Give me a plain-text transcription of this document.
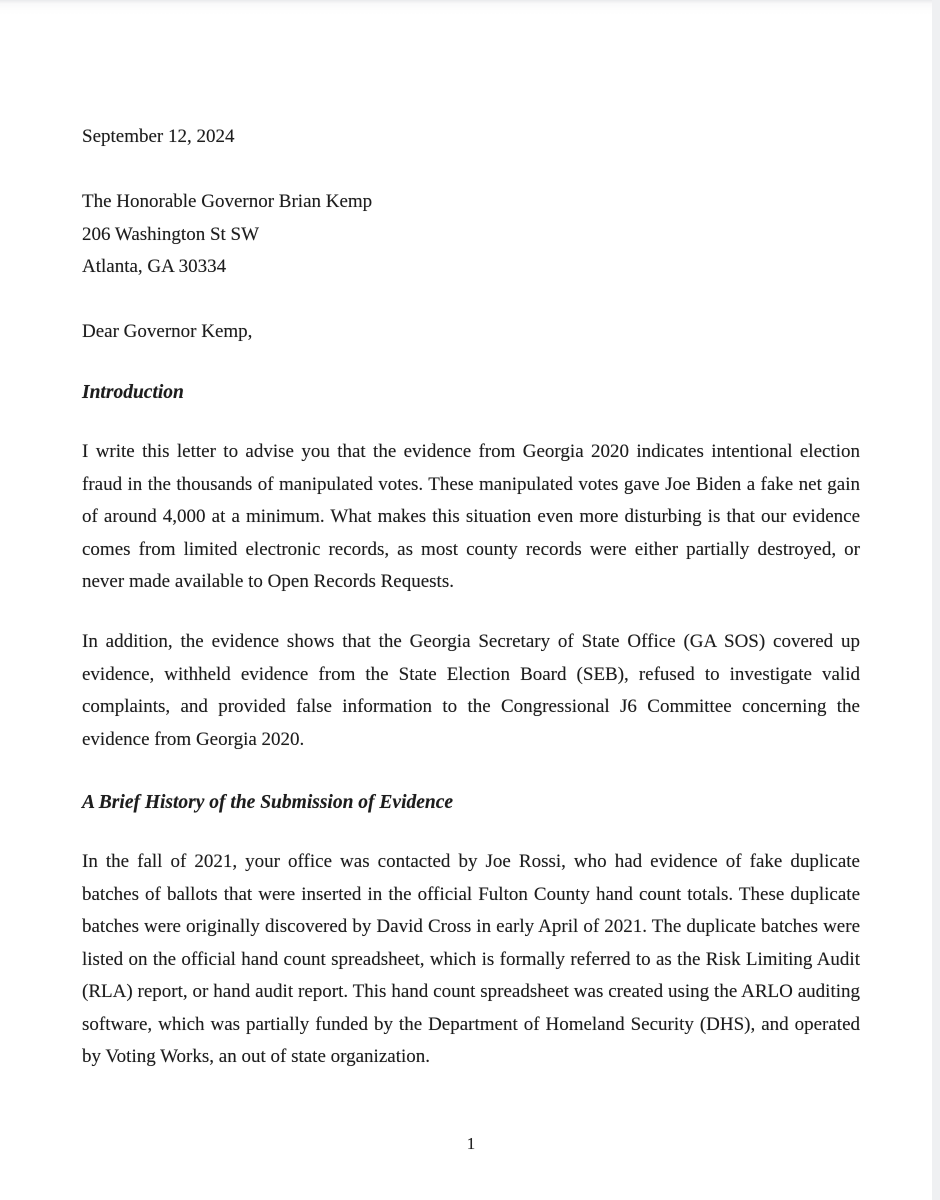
September 12, 2024

The Honorable Governor Brian Kemp

206 Washington St SW

Atlanta, GA 30334

Dear Governor Kemp,

Introduction

I write this letter to advise you that the evidence from Georgia 2020 indicates intentional election fraud in the thousands of manipulated votes. These manipulated votes gave Joe Biden a fake net gain of around 4,000 at a minimum. What makes this situation even more disturbing is that our evidence comes from limited electronic records, as most county records were either partially destroyed, or never made available to Open Records Requests.

In addition, the evidence shows that the Georgia Secretary of State Office (GA SOS) covered up evidence, withheld evidence from the State Election Board (SEB), refused to investigate valid complaints, and provided false information to the Congressional J6 Committee concerning the evidence from Georgia 2020.

A Brief History of the Submission of Evidence

In the fall of 2021, your office was contacted by Joe Rossi, who had evidence of fake duplicate batches of ballots that were inserted in the official Fulton County hand count totals. These duplicate batches were originally discovered by David Cross in early April of 2021. The duplicate batches were listed on the official hand count spreadsheet, which is formally referred to as the Risk Limiting Audit (RLA) report, or hand audit report. This hand count spreadsheet was created using the ARLO auditing software, which was partially funded by the Department of Homeland Security (DHS), and operated by Voting Works, an out of state organization.

1
